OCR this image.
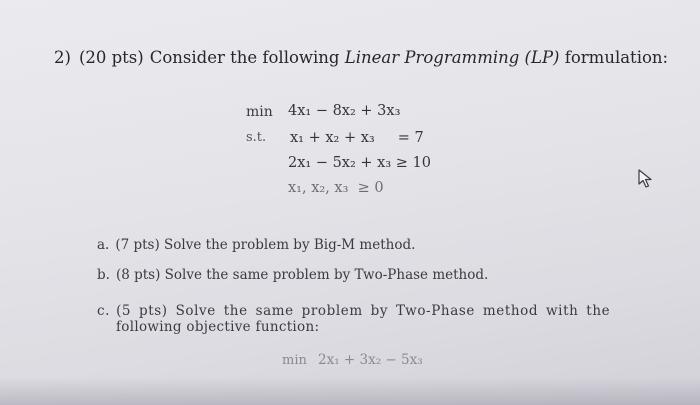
2) (20 pts) Consider the following Linear Programming (LP) formulation:
min 4x₁ − 8x₂ + 3x₃
s.t. x₁ + x₂ + x₃     = 7
2x₁ − 5x₂ + x₃ ≥ 10
x₁, x₂, x₃  ≥ 0
a. (7 pts) Solve the problem by Big-M method.
b. (8 pts) Solve the same problem by Two-Phase method.
c. (5 pts) Solve the same problem by Two-Phase method with the
following objective function:
min 2x₁ + 3x₂ − 5x₃
